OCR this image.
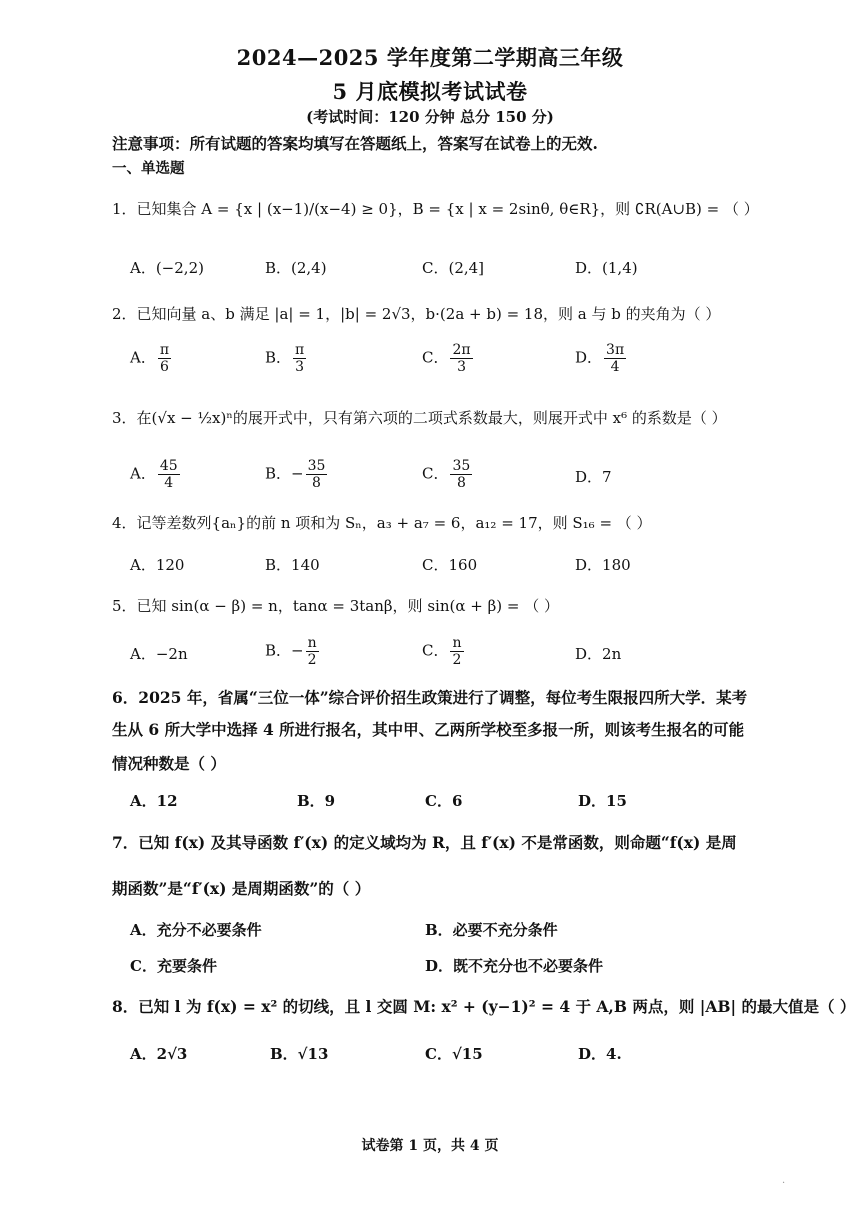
2024—2025 学年度第二学期高三年级
5 月底模拟考试试卷
(考试时间：120 分钟 总分 150 分)
注意事项：所有试题的答案均填写在答题纸上，答案写在试卷上的无效.
一、单选题
1．已知集合 A = {x | (x−1)/(x−4) ≥ 0}，B = {x | x = 2sinθ, θ∈R}，则 ∁R(A∪B) = （ ）
A．(−2,2)	B．(2,4)	C．(2,4]	D．(1,4)
2．已知向量 a、b 满足 |a| = 1，|b| = 2√3，b·(2a + b) = 18，则 a 与 b 的夹角为（ ）
A． $\frac{\pi}{6}$	B． $\frac{\pi}{3}$	C． $\frac{2\pi}{3}$	D． $\frac{3\pi}{4}$
3．在(√x − ½x)ⁿ的展开式中，只有第六项的二项式系数最大，则展开式中 x⁶ 的系数是（ ）
A． $\frac{45}{4}$	B．− $\frac{35}{8}$	C． $\frac{35}{8}$	D．7
4．记等差数列{aₙ}的前 n 项和为 Sₙ，a₃ + a₇ = 6，a₁₂ = 17，则 S₁₆ = （ ）
A．120	B．140	C．160	D．180
5．已知 sin(α − β) = n，tanα = 3tanβ，则 sin(α + β) = （ ）
A．−2n	B．− $\frac{n}{2}$	C． $\frac{n}{2}$	D．2n
6．2025 年，省属“三位一体”综合评价招生政策进行了调整，每位考生限报四所大学．某考
生从 6 所大学中选择 4 所进行报名，其中甲、乙两所学校至多报一所，则该考生报名的可能
情况种数是（ ）
A．12	B．9	C．6	D．15
7．已知 f(x) 及其导函数 f′(x) 的定义域均为 R，且 f′(x) 不是常函数，则命题“f(x) 是周
期函数”是“f′(x) 是周期函数”的（ ）
A．充分不必要条件	B．必要不充分条件
C．充要条件	D．既不充分也不必要条件
8．已知 l 为 f(x) = x² 的切线，且 l 交圆 M: x² + (y−1)² = 4 于 A,B 两点，则 |AB| 的最大值是（ ）
A．2√3	B．√13	C．√15	D．4.
试卷第 1 页，共 4 页
·
